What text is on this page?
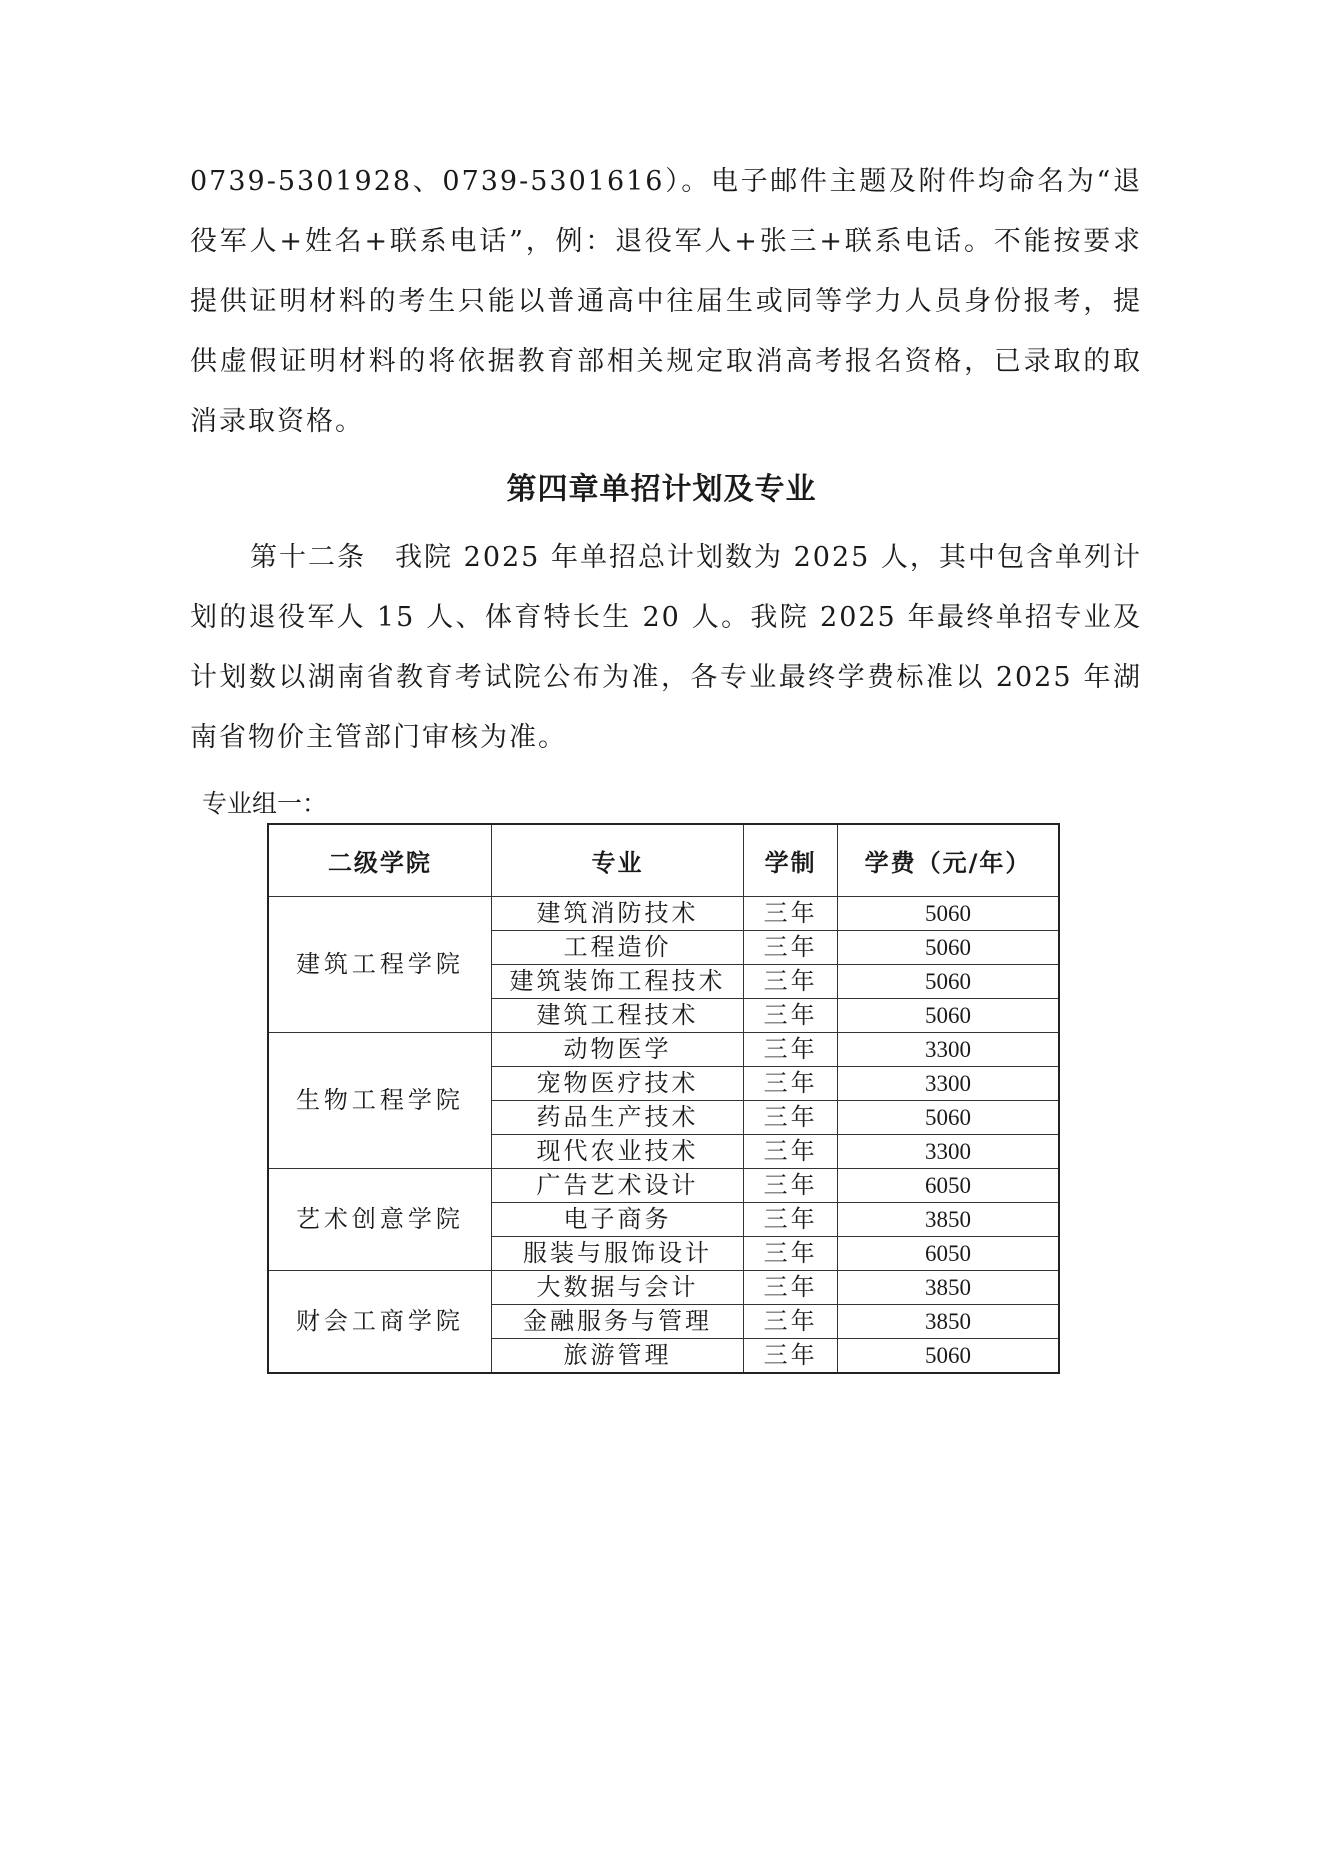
0739-5301928、0739-5301616）。电子邮件主题及附件均命名为“退役军人+姓名+联系电话”，例：退役军人+张三+联系电话。不能按要求提供证明材料的考生只能以普通高中往届生或同等学力人员身份报考，提供虚假证明材料的将依据教育部相关规定取消高考报名资格，已录取的取消录取资格。

第四章单招计划及专业

第十二条　我院 2025 年单招总计划数为 2025 人，其中包含单列计划的退役军人 15 人、体育特长生 20 人。我院 2025 年最终单招专业及计划数以湖南省教育考试院公布为准，各专业最终学费标准以 2025 年湖南省物价主管部门审核为准。

专业组一：
二级学院	专业	学制	学费（元/年）
建筑工程学院	建筑消防技术	三年	5060
	工程造价	三年	5060
	建筑装饰工程技术	三年	5060
	建筑工程技术	三年	5060
生物工程学院	动物医学	三年	3300
	宠物医疗技术	三年	3300
	药品生产技术	三年	5060
	现代农业技术	三年	3300
艺术创意学院	广告艺术设计	三年	6050
	电子商务	三年	3850
	服装与服饰设计	三年	6050
财会工商学院	大数据与会计	三年	3850
	金融服务与管理	三年	3850
	旅游管理	三年	5060
